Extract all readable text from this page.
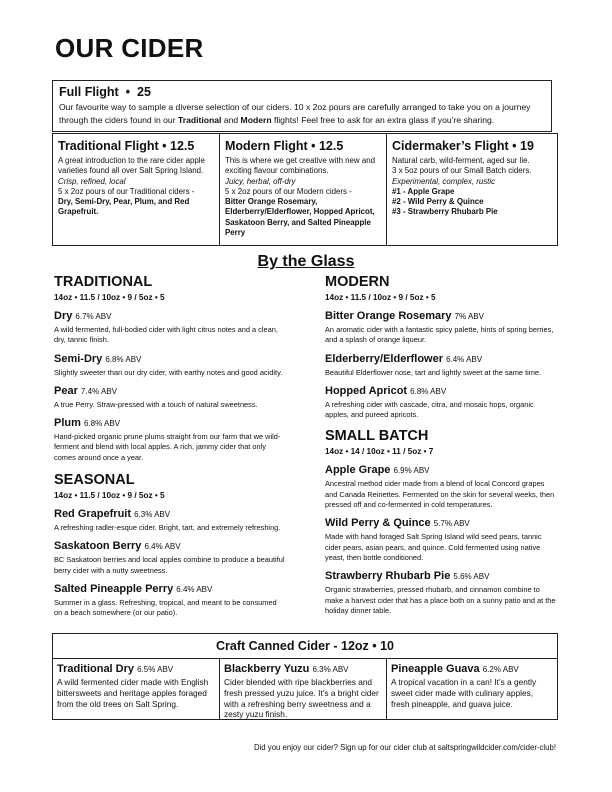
OUR CIDER
Full Flight  •  25
Our favourite way to sample a diverse selection of our ciders. 10 x 2oz pours are carefully arranged to take you on a journey through the ciders found in our Traditional and Modern flights! Feel free to ask for an extra glass if you’re sharing.
Traditional Flight • 12.5
A great introduction to the rare cider apple varieties found all over Salt Spring Island.
Crisp, refined, local
5 x 2oz pours of our Traditional ciders -
Dry, Semi-Dry, Pear, Plum, and Red Grapefruit.
Modern Flight • 12.5
This is where we get creative with new and exciting flavour combinations.
Juicy, herbal, off-dry
5 x 2oz pours of our Modern ciders -
Bitter Orange Rosemary, Elderberry/Elderflower, Hopped Apricot, Saskatoon Berry, and Salted Pineapple Perry
Cidermaker’s Flight • 19
Natural carb, wild-ferment, aged sur lie.
3 x 5oz pours of our Small Batch ciders.
Experimental, complex, rustic
#1 - Apple Grape
#2 - Wild Perry & Quince
#3 - Strawberry Rhubarb Pie
By the Glass
TRADITIONAL
14oz • 11.5 / 10oz • 9 / 5oz • 5
Dry 6.7% ABV
A wild fermented, full-bodied cider with light citrus notes and a clean, dry, tannic finish.
Semi-Dry 6.8% ABV
Slightly sweeter than our dry cider, with earthy notes and good acidity.
Pear 7.4% ABV
A true Perry. Straw-pressed with a touch of natural sweetness.
Plum 6.8% ABV
Hand-picked organic prune plums straight from our farm that we wild-ferment and blend with local apples. A rich, jammy cider that only comes around once a year.
SEASONAL
14oz • 11.5 / 10oz • 9 / 5oz • 5
Red Grapefruit 6.3% ABV
A refreshing radler-esque cider. Bright, tart, and extremely refreshing.
Saskatoon Berry 6.4% ABV
BC Saskatoon berries and local apples combine to produce a beautiful berry cider with a nutty sweetness.
Salted Pineapple Perry 6.4% ABV
Summer in a glass. Refreshing, tropical, and meant to be consumed on a beach somewhere (or our patio).
MODERN
14oz • 11.5 / 10oz • 9 / 5oz • 5
Bitter Orange Rosemary 7% ABV
An aromatic cider with a fantastic spicy palette, hints of spring berries, and a splash of orange liqueur.
Elderberry/Elderflower 6.4% ABV
Beautiful Elderflower nose, tart and lightly sweet at the same time.
Hopped Apricot 6.8% ABV
A refreshing cider with cascade, citra, and mosaic hops, organic apples, and pureed apricots.
SMALL BATCH
14oz • 14 / 10oz • 11 / 5oz • 7
Apple Grape 6.9% ABV
Ancestral method cider made from a blend of local Concord grapes and Canada Reinettes. Fermented on the skin for several weeks, then pressed off and co-fermented in cold temperatures.
Wild Perry & Quince 5.7% ABV
Made with hand foraged Salt Spring Island wild seed pears, tannic cider pears, asian pears, and quince. Cold fermented using native yeast, then bottle conditioned.
Strawberry Rhubarb Pie 5.6% ABV
Organic strawberries, pressed rhubarb, and cinnamon combine to make a harvest cider that has a place both on a sunny patio and at the holiday dinner table.
Craft Canned Cider - 12oz • 10
Traditional Dry 6.5% ABV
A wild fermented cider made with English bittersweets and heritage apples foraged from the old trees on Salt Spring.
Blackberry Yuzu 6.3% ABV
Cider blended with ripe blackberries and fresh pressed yuzu juice. It’s a bright cider with a refreshing berry sweetness and a zesty yuzu finish.
Pineapple Guava 6.2% ABV
A tropical vacation in a can! It’s a gently sweet cider made with culinary apples, fresh pineapple, and guava juice.
Did you enjoy our cider? Sign up for our cider club at saltspringwildcider.com/cider-club!
